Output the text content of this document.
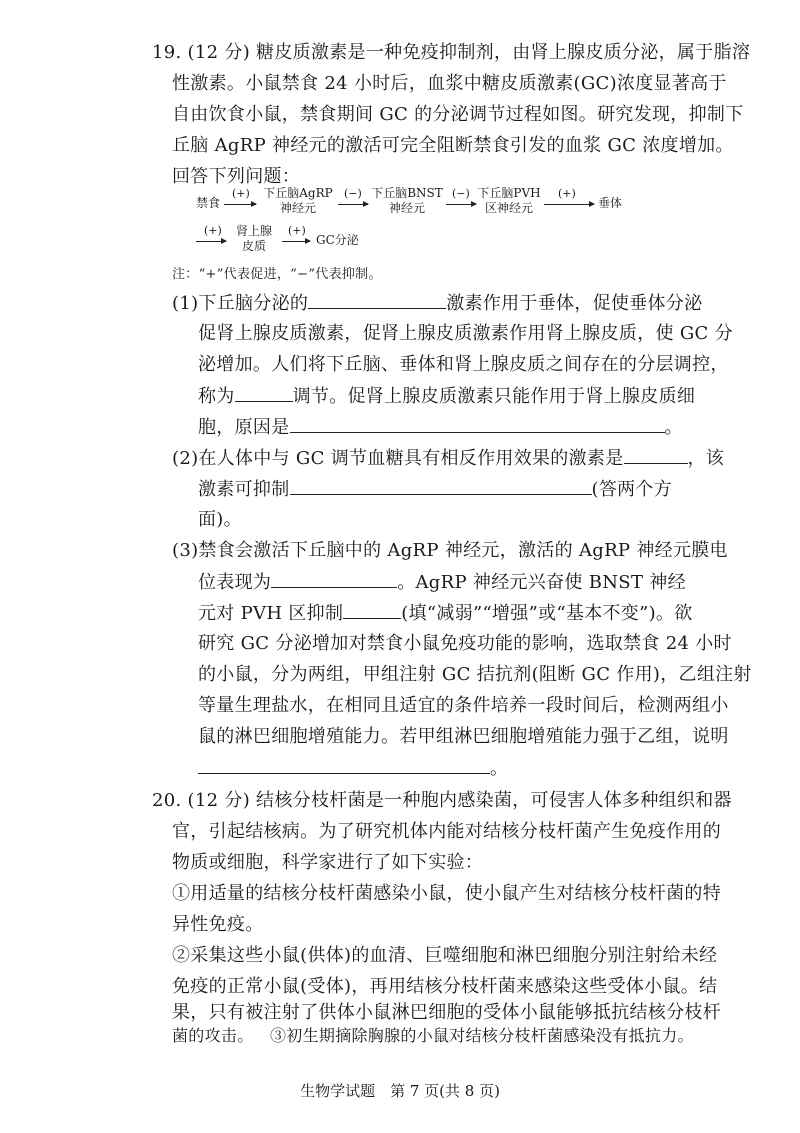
19. (12 分) 糖皮质激素是一种免疫抑制剂，由肾上腺皮质分泌，属于脂溶
性激素。小鼠禁食 24 小时后，血浆中糖皮质激素(GC)浓度显著高于
自由饮食小鼠，禁食期间 GC 的分泌调节过程如图。研究发现，抑制下
丘脑 AgRP 神经元的激活可完全阻断禁食引发的血浆 GC 浓度增加。
回答下列问题：
禁食
(+) 下丘脑AgRP
神经元
(−) 下丘脑BNST
神经元
(−) 下丘脑PVH
区神经元
(+)
垂体
(+)	肾上腺
皮质
(+)
GC分泌
注：“+”代表促进，“−”代表抑制。
(1)下丘脑分泌的	激素作用于垂体，促使垂体分泌
促肾上腺皮质激素，促肾上腺皮质激素作用肾上腺皮质，使 GC 分
泌增加。人们将下丘脑、垂体和肾上腺皮质之间存在的分层调控，
称为	调节。促肾上腺皮质激素只能作用于肾上腺皮质细
胞，原因是	。
(2)在人体中与 GC 调节血糖具有相反作用效果的激素是	，该
激素可抑制	(答两个方
面)。
(3)禁食会激活下丘脑中的 AgRP 神经元，激活的 AgRP 神经元膜电
位表现为	。AgRP 神经元兴奋使 BNST 神经
元对 PVH 区抑制	(填“减弱”“增强”或“基本不变”)。欲
研究 GC 分泌增加对禁食小鼠免疫功能的影响，选取禁食 24 小时
的小鼠，分为两组，甲组注射 GC 拮抗剂(阻断 GC 作用)，乙组注射
等量生理盐水，在相同且适宜的条件培养一段时间后，检测两组小
鼠的淋巴细胞增殖能力。若甲组淋巴细胞增殖能力强于乙组，说明
。
20. (12 分) 结核分枝杆菌是一种胞内感染菌，可侵害人体多种组织和器
官，引起结核病。为了研究机体内能对结核分枝杆菌产生免疫作用的
物质或细胞，科学家进行了如下实验：
①用适量的结核分枝杆菌感染小鼠，使小鼠产生对结核分枝杆菌的特
异性免疫。
②采集这些小鼠(供体)的血清、巨噬细胞和淋巴细胞分别注射给未经
免疫的正常小鼠(受体)，再用结核分枝杆菌来感染这些受体小鼠。结
果，只有被注射了供体小鼠淋巴细胞的受体小鼠能够抵抗结核分枝杆
菌的攻击。 ③初生期摘除胸腺的小鼠对结核分枝杆菌感染没有抵抗力。
生物学试题　第 7 页(共 8 页)
